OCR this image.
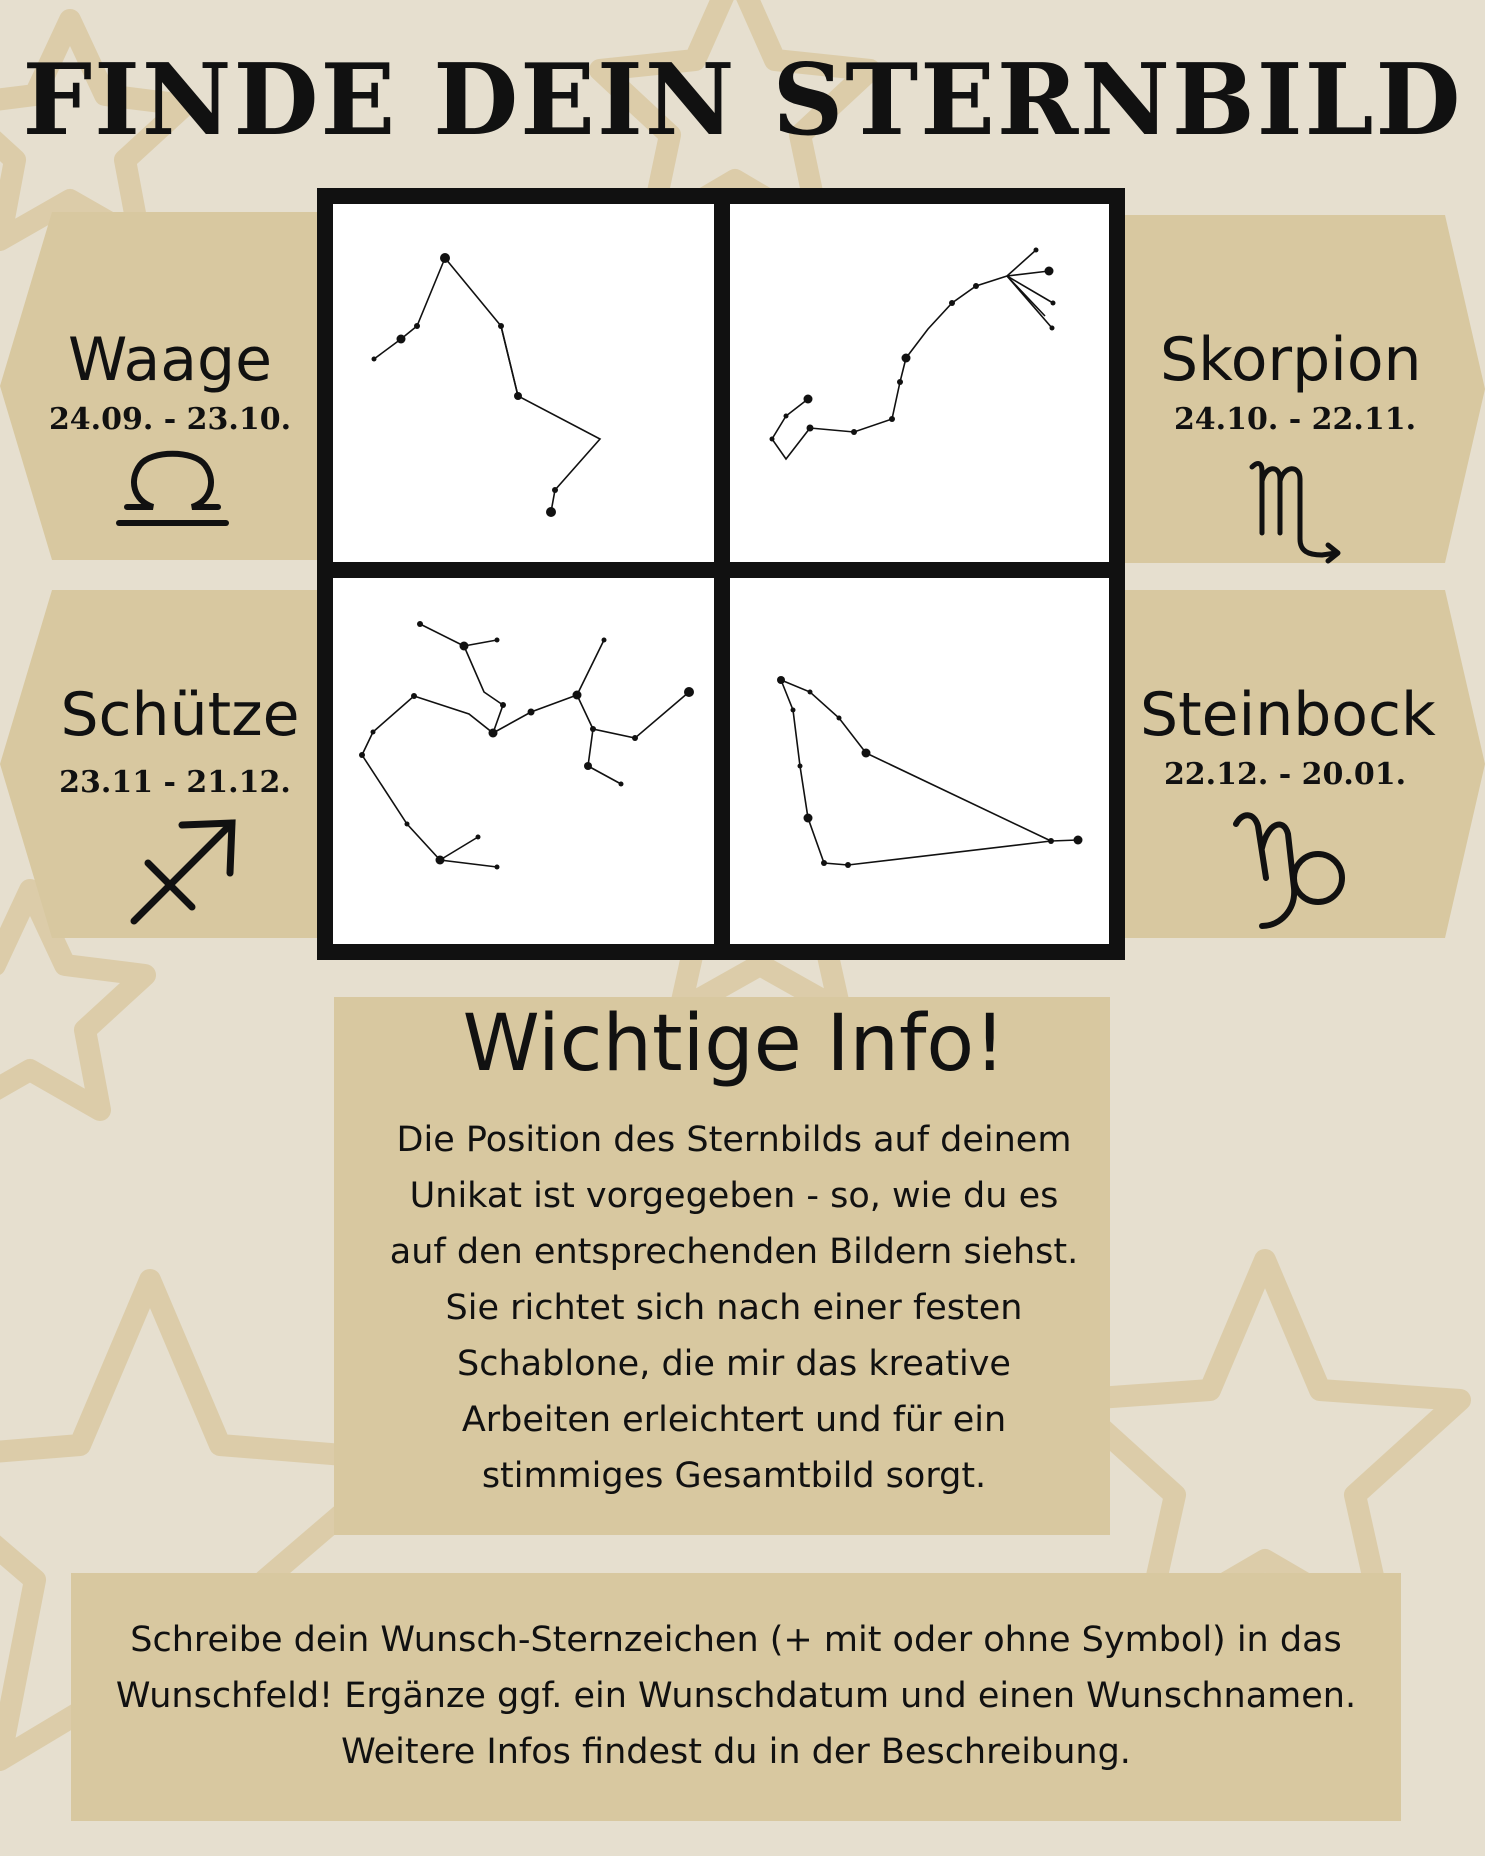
FINDE DEIN STERNBILD
Waage
24.09. - 23.10.
Skorpion
24.10. - 22.11.
Schütze
23.11 - 21.12.
Steinbock
22.12. - 20.01.
Wichtige Info!
Die Position des Sternbilds auf deinem
Unikat ist vorgegeben - so, wie du es
auf den entsprechenden Bildern siehst.
Sie richtet sich nach einer festen
Schablone, die mir das kreative
Arbeiten erleichtert und für ein
stimmiges Gesamtbild sorgt.
Schreibe dein Wunsch-Sternzeichen (+ mit oder ohne Symbol) in das
Wunschfeld! Ergänze ggf. ein Wunschdatum und einen Wunschnamen.
Weitere Infos findest du in der Beschreibung.
